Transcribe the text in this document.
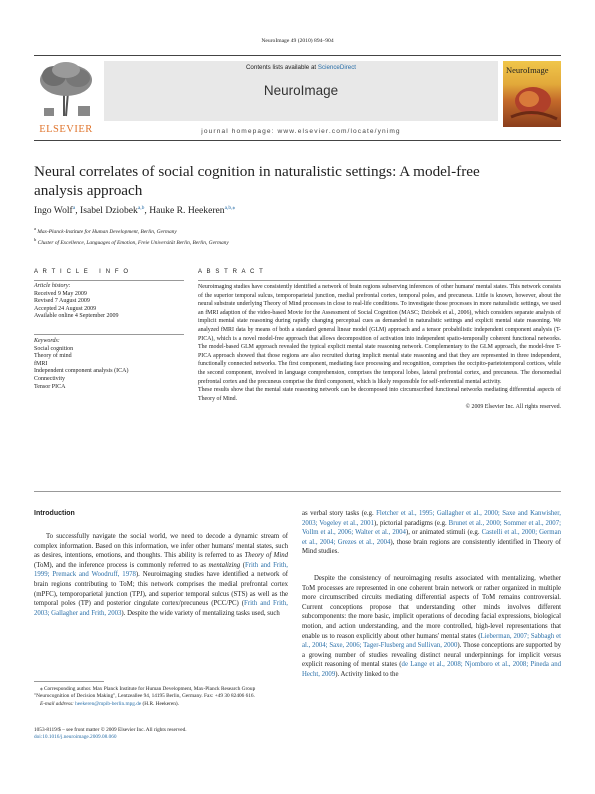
NeuroImage 49 (2010) 894–904
ELSEVIER
Contents lists available at ScienceDirect
NeuroImage
journal homepage: www.elsevier.com/locate/ynimg
NeuroImage
Neural correlates of social cognition in naturalistic settings: A model-free analysis approach
Ingo Wolf$^a$, Isabel Dziobek$^{a,b}$, Hauke R. Heekeren$^{a,b,⁎}$
$^a$ Max-Planck-Institute for Human Development, Berlin, Germany
$^b$ Cluster of Excellence, Languages of Emotion, Freie Universität Berlin, Berlin, Germany
A R T I C L E   I N F O
Article history:
Received 9 May 2009
Revised 7 August 2009
Accepted 24 August 2009
Available online 4 September 2009
Keywords:
Social cognition
Theory of mind
fMRI
Independent component analysis (ICA)
Connectivity
Tensor PICA
A B S T R A C T

Neuroimaging studies have consistently identified a network of brain regions subserving inferences of other humans' mental states. This network consists of the superior temporal sulcus, temporoparietal junction, medial prefrontal cortex, temporal poles, and precuneus. Little is known, however, about the neural substrate underlying Theory of Mind processes in close to real-life conditions. To investigate those processes in more naturalistic settings, we used an fMRI adaption of the video-based Movie for the Assessment of Social Cognition (MASC; Dziobek et al., 2006), which considers separate analysis of implicit mental state reasoning during rapidly changing perceptual cues as demanded in naturalistic settings and explicit mental state reasoning. We analyzed fMRI data by means of both a standard general linear model (GLM) approach and a tensor probabilistic independent component analysis (T-PICA), which is a novel model-free approach that allows decomposition of activation into independent spatio-temporally coherent functional networks. The model-based GLM approach revealed the typical explicit mental state reasoning network. Complementary to the GLM approach, the model-free T-PICA approach showed that those regions are also recruited during implicit mental state reasoning and that they are represented in three independent, functionally connected networks. The first component, mediating face processing and recognition, comprises the occipito-parietotemporal cortices, while the second component, involved in language comprehension, comprises the temporal lobes, lateral prefrontal cortex, and precuneus. The dorsomedial prefrontal cortex and the precuneus comprise the third component, which is likely responsible for self-referential mental activity.

These results show that the mental state reasoning network can be decomposed into circumscribed functional networks mediating differential aspects of Theory of Mind.

© 2009 Elsevier Inc. All rights reserved.

Introduction
To successfully navigate the social world, we need to decode a dynamic stream of complex information. Based on this information, we infer other humans' mental states, such as desires, intentions, emotions, and thoughts. This ability is referred to as Theory of Mind (ToM), and the inference process is commonly referred to as mentalizing (Frith and Frith, 1999; Premack and Woodruff, 1978). Neuroimaging studies have identified a network of brain regions contributing to ToM; this network comprises the medial prefrontal cortex (mPFC), temporoparietal junction (TPJ), and superior temporal sulcus (STS) as well as the temporal poles (TP) and posterior cingulate cortex/precuneus (PCC/PC) (Frith and Frith, 2003; Gallagher and Frith, 2003). Despite the wide variety of mentalizing tasks used, such
as verbal story tasks (e.g. Fletcher et al., 1995; Gallagher et al., 2000; Saxe and Kanwisher, 2003; Vogeley et al., 2001), pictorial paradigms (e.g. Brunet et al., 2000; Sommer et al., 2007; Vollm et al., 2006; Walter et al., 2004), or animated stimuli (e.g. Castelli et al., 2000; German et al., 2004; Grezes et al., 2004), those brain regions are consistently identified in Theory of Mind studies.
Despite the consistency of neuroimaging results associated with mentalizing, whether ToM processes are represented in one coherent brain network or rather organized in multiple more circumscribed circuits mediating differential aspects of ToM remains controversial. Current conceptions propose that understanding other minds involves different subcomponents: the more basic, implicit operations of decoding facial expressions, biological motion, and action understanding, and the more controlled, high-level representations that enable us to reason explicitly about other humans' mental states (Lieberman, 2007; Sabbagh et al., 2004; Saxe, 2006; Tager-Flusberg and Sullivan, 2000). Those conceptions are supported by a growing number of studies revealing distinct neural underpinnings for implicit versus explicit reasoning of mental states (de Lange et al., 2008; Njomboro et al., 2008; Pineda and Hecht, 2009). Activity linked to the

⁎ Corresponding author. Max Planck Institute for Human Development, Max-Planck Research Group "Neurocognition of Decision Making", Lentzeallee 94, 14195 Berlin, Germany. Fax: +49 30 82406 616.

E-mail address: heekeren@mpib-berlin.mpg.de (H.R. Heekeren).

1053-8119/$ – see front matter © 2009 Elsevier Inc. All rights reserved.
doi:10.1016/j.neuroimage.2009.08.060
